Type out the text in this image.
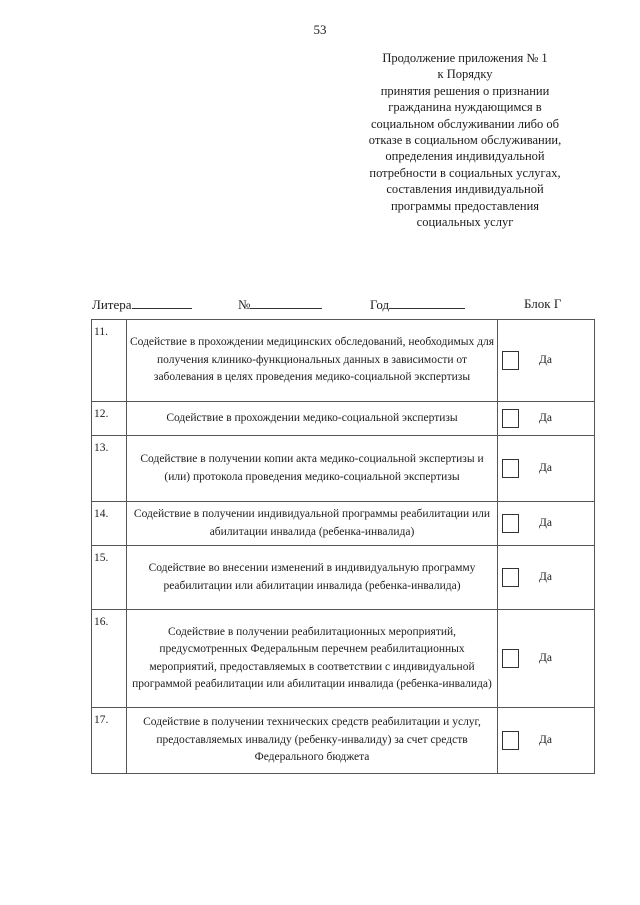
53
Продолжение приложения № 1
к Порядку
принятия решения о признании
гражданина нуждающимся в
социальном обслуживании либо об
отказе в социальном обслуживании,
определения индивидуальной
потребности в социальных услугах,
составления индивидуальной
программы предоставления
социальных услуг
Литера	№	Год	Блок Г
11.	Содействие в прохождении медицинских обследований, необходимых для получения клинико-функциональных данных в зависимости от заболевания в целях проведения медико-социальной экспертизы	Да
12.	Содействие в прохождении медико-социальной экспертизы	Да
13.	Содействие в получении копии акта медико-социальной экспертизы и (или) протокола проведения медико-социальной экспертизы	Да
14.	Содействие в получении индивидуальной программы реабилитации или абилитации инвалида (ребенка-инвалида)	Да
15.	Содействие во внесении изменений в индивидуальную программу реабилитации или абилитации инвалида (ребенка-инвалида)	Да
16.	Содействие в получении реабилитационных мероприятий, предусмотренных Федеральным перечнем реабилитационных мероприятий, предоставляемых в соответствии с индивидуальной программой реабилитации или абилитации инвалида (ребенка-инвалида)	Да
17.	Содействие в получении технических средств реабилитации и услуг, предоставляемых инвалиду (ребенку-инвалиду) за счет средств Федерального бюджета	Да
